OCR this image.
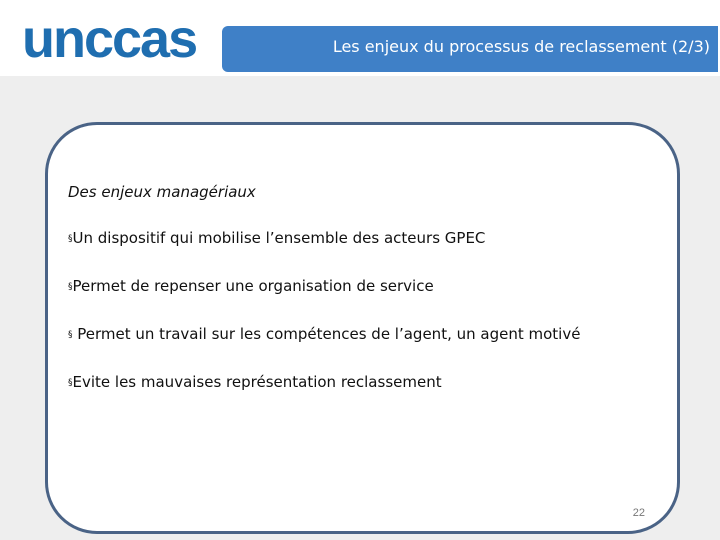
unccas	Les enjeux du processus de reclassement (2/3)
Des enjeux managériaux
§Un dispositif qui mobilise l’ensemble des acteurs GPEC
§Permet de repenser une organisation de service
§ Permet un travail sur les compétences de l’agent, un agent motivé
§Evite les mauvaises représentation reclassement
22
